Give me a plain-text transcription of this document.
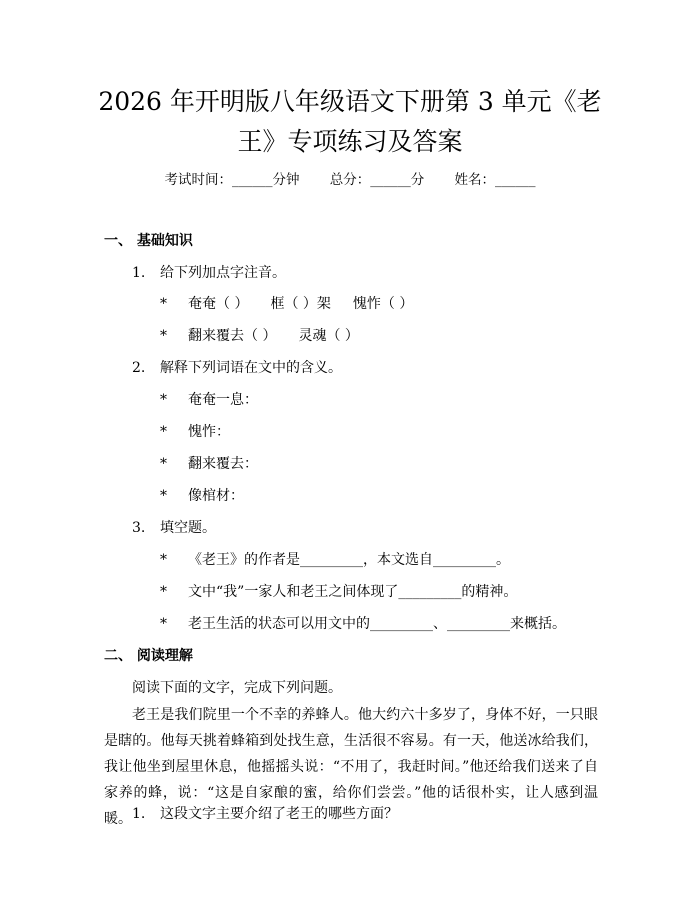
2026 年开明版八年级语文下册第 3 单元《老王》专项练习及答案
考试时间：______分钟 总分：______分 姓名：______
一、 基础知识
1. 给下列加点字注音。
* 奄奄（ ） 框（ ）架 愧怍（ ）
* 翻来覆去（ ） 灵魂（ ）
2. 解释下列词语在文中的含义。
* 奄奄一息：
* 愧怍：
* 翻来覆去：
* 像棺材：
3. 填空题。
* 《老王》的作者是_________，本文选自_________。
* 文中“我”一家人和老王之间体现了_________的精神。
* 老王生活的状态可以用文中的_________、_________来概括。
二、 阅读理解
阅读下面的文字，完成下列问题。

老王是我们院里一个不幸的养蜂人。他大约六十多岁了，身体不好，一只眼是瞎的。他每天挑着蜂箱到处找生意，生活很不容易。有一天，他送冰给我们，我让他坐到屋里休息，他摇摇头说：“不用了，我赶时间。”他还给我们送来了自家养的蜂，说：“这是自家酿的蜜，给你们尝尝。”他的话很朴实，让人感到温暖。 1. 这段文字主要介绍了老王的哪些方面？
